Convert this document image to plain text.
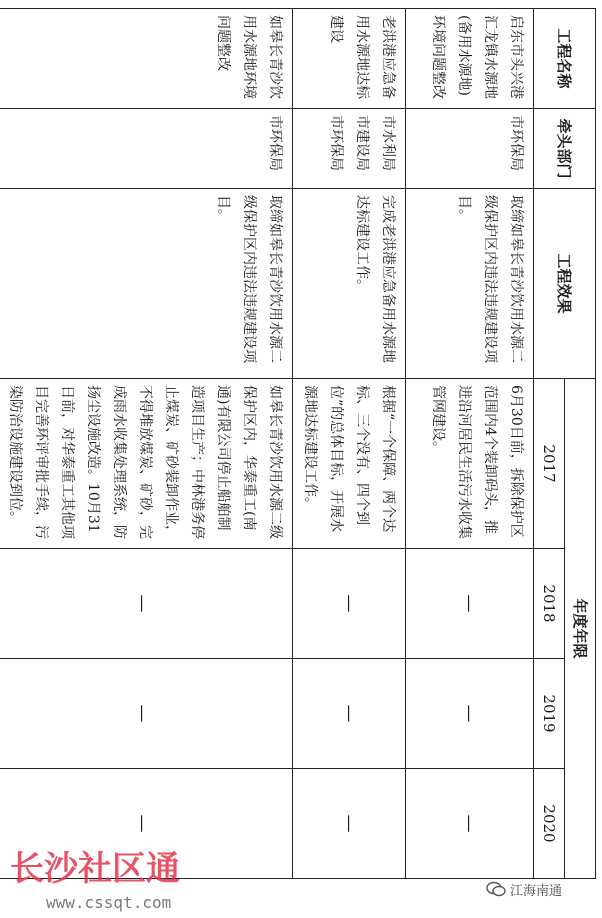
工程名称	牵头部门	工程效果	年度年限			
			2017	2018	2019	2020
启东市头兴港汇龙镇水源地(备用水源地)环境问题整改	市环保局	取缔如皋长青沙饮用水源二级保护区内违法违规建设项目。	6月30日前，拆除保护区范围内4个装卸码头，推进沿河居民生活污水收集管网建设。	—	—	—
老洪港应急备用水源地达标建设	市水利局 市建设局 市环保局	完成老洪港应急备用水源地达标建设工作。	根据“一个保障、两个达标、三个没有、四个到位”的总体目标，开展水源地达标建设工作。	—	—	—
如皋长青沙饮用水源地环境问题整改	市环保局	取缔如皋长青沙饮用水源二级保护区内违法违规建设项目。	如皋长青沙饮用水源二级保护区内，华泰重工(南通)有限公司停止船舶制造项目生产；中林港务停止煤炭、矿砂装卸作业，不得堆放煤炭、矿砂，完成雨水收集处理系统，防扬尘设施改造。10月31日前，对华泰重工其他项目完善环评审批手续，污染防治设施建设到位。	—	—	—
长沙社区通
www.cssqt.com
江海南通
